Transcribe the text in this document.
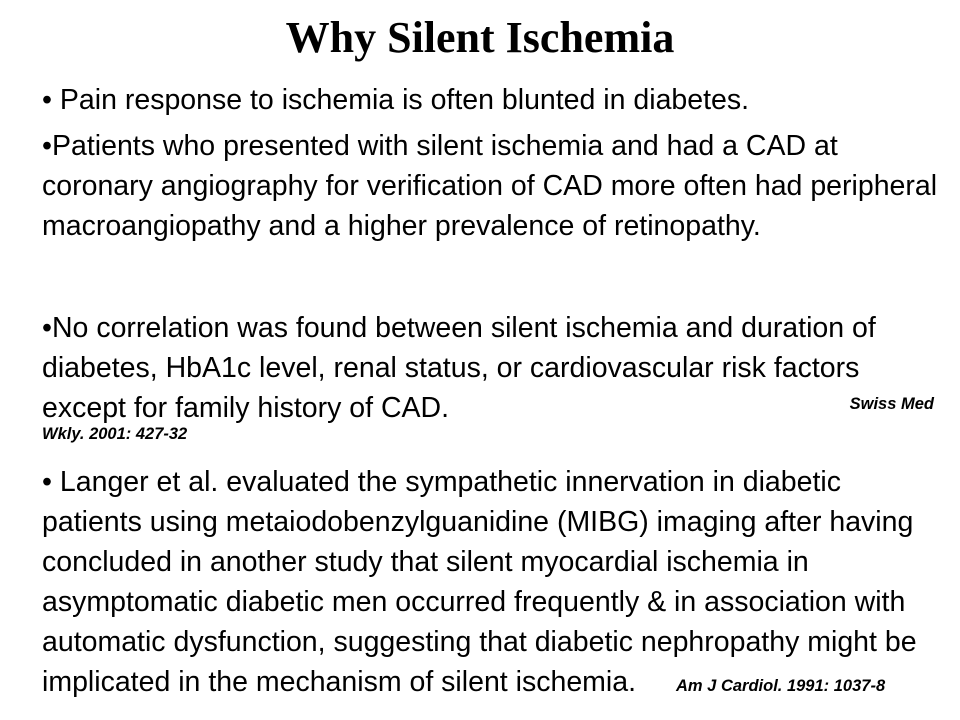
Why Silent Ischemia

• Pain response to ischemia is often blunted in diabetes.

•Patients who presented with silent ischemia and had a CAD at coronary angiography for verification of CAD more often had peripheral macroangiopathy and a higher prevalence of retinopathy.

•No correlation was found between silent ischemia and duration of diabetes, HbA1c level, renal status, or cardiovascular risk factors except for family history of CAD.	Swiss Med
Wkly. 2001: 427-32

• Langer et al. evaluated the sympathetic innervation in diabetic patients using metaiodobenzylguanidine (MIBG) imaging after having concluded in another study that silent myocardial ischemia in asymptomatic diabetic men occurred frequently & in association with automatic dysfunction, suggesting that diabetic nephropathy might be implicated in the mechanism of silent ischemia. Am J Cardiol. 1991: 1037-8
